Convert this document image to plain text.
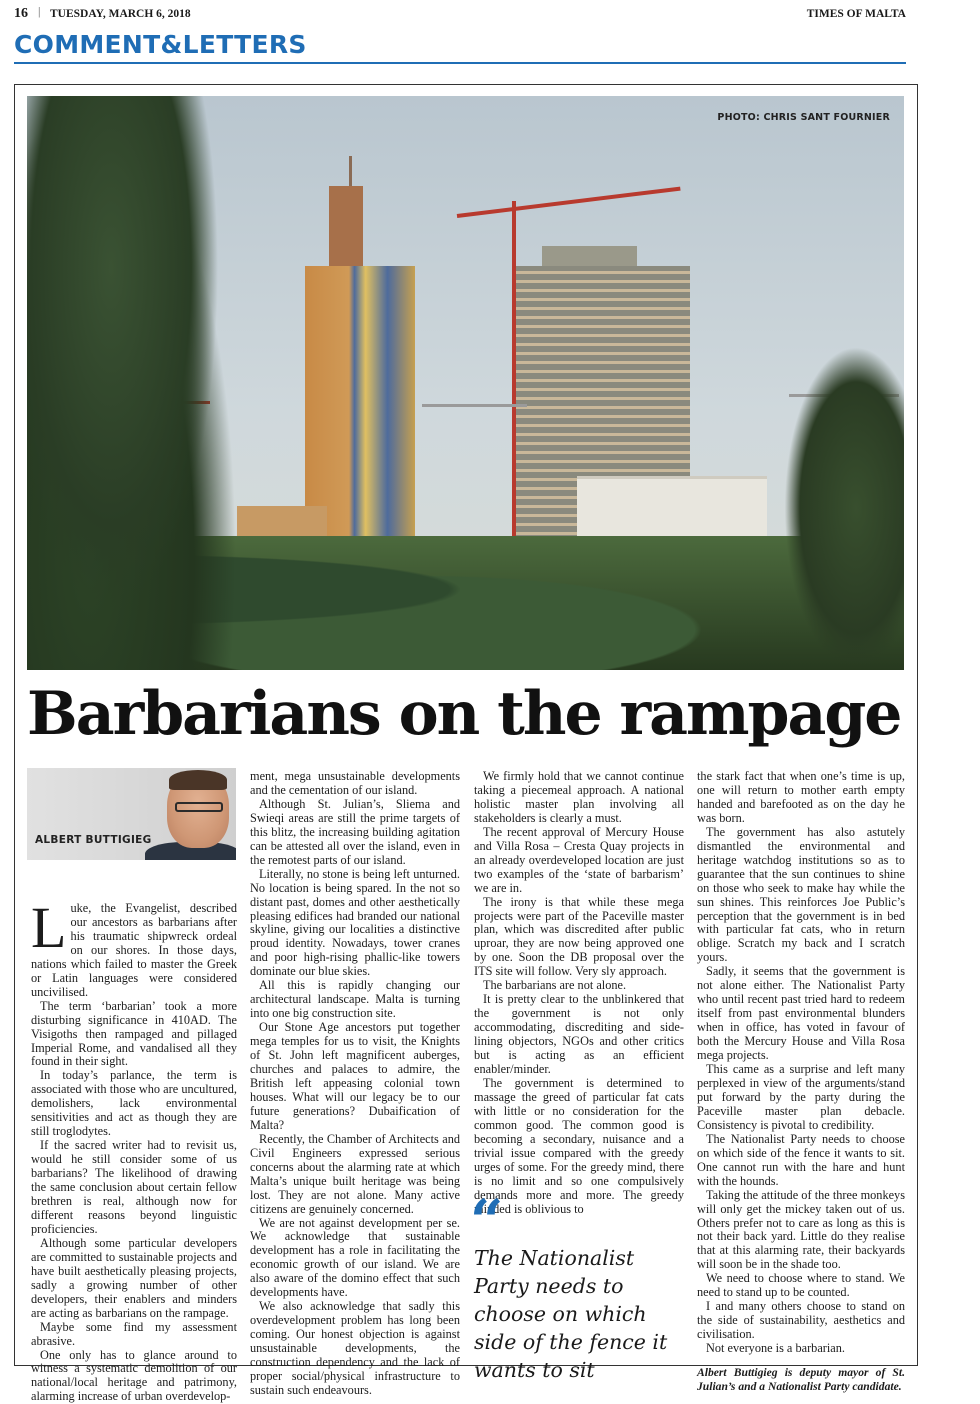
16 | TUESDAY, MARCH 6, 2018	TIMES OF MALTA
COMMENT&LETTERS
PHOTO: CHRIS SANT FOURNIER
Barbarians on the rampage
ALBERT BUTTIGIEG

Luke, the Evangelist, described our ancestors as barbarians after his traumatic shipwreck ordeal on our shores. In those days, nations which failed to master the Greek or Latin languages were considered uncivilised.

The term ‘barbarian’ took a more disturbing significance in 410AD. The Visigoths then rampaged and pillaged Imperial Rome, and vandalised all they found in their sight.

In today’s parlance, the term is associated with those who are uncultured, demolishers, lack environmental sensitivities and act as though they are still troglodytes.

If the sacred writer had to revisit us, would he still consider some of us barbarians? The likelihood of drawing the same conclusion about certain fellow brethren is real, although now for different reasons beyond linguistic proficiencies.

Although some particular developers are committed to sustainable projects and have built aesthetically pleasing projects, sadly a growing number of other developers, their enablers and minders are acting as barbarians on the rampage.

Maybe some find my assessment abrasive.

One only has to glance around to witness a systematic demolition of our national/local heritage and patrimony, alarming increase of urban overdevelop-

ment, mega unsustainable developments and the cementation of our island.

Although St. Julian’s, Sliema and Swieqi areas are still the prime targets of this blitz, the increasing building agitation can be attested all over the island, even in the remotest parts of our island.

Literally, no stone is being left unturned. No location is being spared. In the not so distant past, domes and other aesthetically pleasing edifices had branded our national skyline, giving our localities a distinctive proud identity. Nowadays, tower cranes and poor high-rising phallic-like towers dominate our blue skies.

All this is rapidly changing our architectural landscape. Malta is turning into one big construction site.

Our Stone Age ancestors put together mega temples for us to visit, the Knights of St. John left magnificent auberges, churches and palaces to admire, the British left appeasing colonial town houses. What will our legacy be to our future generations? Dubaification of Malta?

Recently, the Chamber of Architects and Civil Engineers expressed serious concerns about the alarming rate at which Malta’s unique built heritage was being lost. They are not alone. Many active citizens are genuinely concerned.

We are not against development per se. We acknowledge that sustainable development has a role in facilitating the economic growth of our island. We are also aware of the domino effect that such developments have.

We also acknowledge that sadly this overdevelopment problem has long been coming. Our honest objection is against unsustainable developments, the construction dependency and the lack of proper social/physical infrastructure to sustain such endeavours.

We firmly hold that we cannot continue taking a piecemeal approach. A national holistic master plan involving all stakeholders is clearly a must.

The recent approval of Mercury House and Villa Rosa – Cresta Quay projects in an already overdeveloped location are just two examples of the ‘state of barbarism’ we are in.

The irony is that while these mega projects were part of the Paceville master plan, which was discredited after public uproar, they are now being approved one by one. Soon the DB proposal over the ITS site will follow. Very sly approach.

The barbarians are not alone.

It is pretty clear to the unblinkered that the government is not only accommodating, discrediting and side-lining objectors, NGOs and other critics but is acting as an efficient enabler/minder.

The government is determined to massage the greed of particular fat cats with little or no consideration for the common good. The common good is becoming a secondary, nuisance and a trivial issue compared with the greedy urges of some. For the greedy mind, there is no limit and so one compulsively demands more and more. The greedy minded is oblivious to

“
The Nationalist Party needs to choose on which side of the fence it wants to sit

the stark fact that when one’s time is up, one will return to mother earth empty handed and barefooted as on the day he was born.

The government has also astutely dismantled the environmental and heritage watchdog institutions so as to guarantee that the sun continues to shine on those who seek to make hay while the sun shines. This reinforces Joe Public’s perception that the government is in bed with particular fat cats, who in return oblige. Scratch my back and I scratch yours.

Sadly, it seems that the government is not alone either. The Nationalist Party who until recent past tried hard to redeem itself from past environmental blunders when in office, has voted in favour of both the Mercury House and Villa Rosa mega projects.

This came as a surprise and left many perplexed in view of the arguments/stand put forward by the party during the Paceville master plan debacle. Consistency is pivotal to credibility.

The Nationalist Party needs to choose on which side of the fence it wants to sit. One cannot run with the hare and hunt with the hounds.

Taking the attitude of the three monkeys will only get the mickey taken out of us. Others prefer not to care as long as this is not their back yard. Little do they realise that at this alarming rate, their backyards will soon be in the shade too.

We need to choose where to stand. We need to stand up to be counted.

I and many others choose to stand on the side of sustainability, aesthetics and civilisation.

Not everyone is a barbarian.

Albert Buttigieg is deputy mayor of St. Julian’s and a Nationalist Party candidate.
